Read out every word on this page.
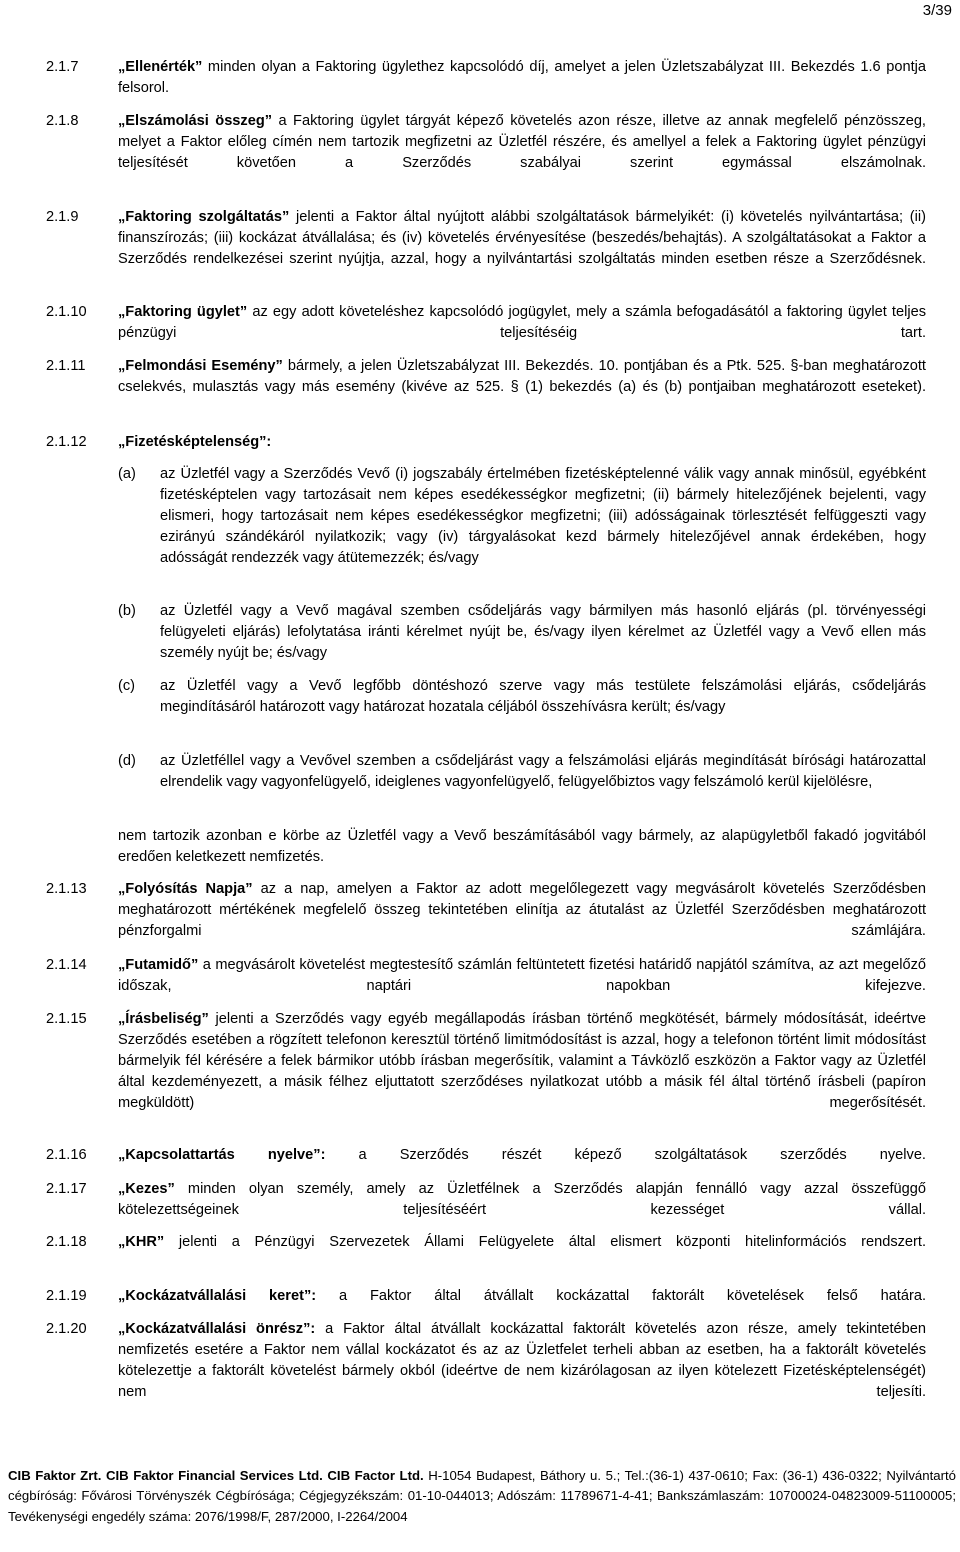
3/39
2.1.7	„Ellenérték” minden olyan a Faktoring ügylethez kapcsolódó díj, amelyet a jelen Üzletszabályzat III. Bekezdés 1.6 pontja felsorol.
2.1.8	„Elszámolási összeg” a Faktoring ügylet tárgyát képező követelés azon része, illetve az annak megfelelő pénzösszeg, melyet a Faktor előleg címén nem tartozik megfizetni az Üzletfél részére, és amellyel a felek a Faktoring ügylet pénzügyi teljesítését követően a Szerződés szabályai szerint egymással elszámolnak.
2.1.9	„Faktoring szolgáltatás” jelenti a Faktor által nyújtott alábbi szolgáltatások bármelyikét: (i) követelés nyilvántartása; (ii) finanszírozás; (iii) kockázat átvállalása; és (iv) követelés érvényesítése (beszedés/behajtás). A szolgáltatásokat a Faktor a Szerződés rendelkezései szerint nyújtja, azzal, hogy a nyilvántartási szolgáltatás minden esetben része a Szerződésnek.
2.1.10	„Faktoring ügylet” az egy adott követeléshez kapcsolódó jogügylet, mely a számla befogadásától a faktoring ügylet teljes pénzügyi teljesítéséig tart.
2.1.11	„Felmondási Esemény” bármely, a jelen Üzletszabályzat III. Bekezdés. 10. pontjában és a Ptk. 525. §-ban meghatározott cselekvés, mulasztás vagy más esemény (kivéve az 525. § (1) bekezdés (a) és (b) pontjaiban meghatározott eseteket).
2.1.12	„Fizetésképtelenség”:
(a) az Üzletfél vagy a Szerződés Vevő (i) jogszabály értelmében fizetésképtelenné válik vagy annak minősül, egyébként fizetésképtelen vagy tartozásait nem képes esedékességkor megfizetni; (ii) bármely hitelezőjének bejelenti, vagy elismeri, hogy tartozásait nem képes esedékességkor megfizetni; (iii) adósságainak törlesztését felfüggeszti vagy ezirányú szándékáról nyilatkozik; vagy (iv) tárgyalásokat kezd bármely hitelezőjével annak érdekében, hogy adósságát rendezzék vagy átütemezzék; és/vagy
(b) az Üzletfél vagy a Vevő magával szemben csődeljárás vagy bármilyen más hasonló eljárás (pl. törvényességi felügyeleti eljárás) lefolytatása iránti kérelmet nyújt be, és/vagy ilyen kérelmet az Üzletfél vagy a Vevő ellen más személy nyújt be; és/vagy
(c) az Üzletfél vagy a Vevő legfőbb döntéshozó szerve vagy más testülete felszámolási eljárás, csődeljárás megindításáról határozott vagy határozat hozatala céljából összehívásra került; és/vagy
(d) az Üzletféllel vagy a Vevővel szemben a csődeljárást vagy a felszámolási eljárás megindítását bírósági határozattal elrendelik vagy vagyonfelügyelő, ideiglenes vagyonfelügyelő, felügyelőbiztos vagy felszámoló kerül kijelölésre,
nem tartozik azonban e körbe az Üzletfél vagy a Vevő beszámításából vagy bármely, az alapügyletből fakadó jogvitából eredően keletkezett nemfizetés.
2.1.13	„Folyósítás Napja” az a nap, amelyen a Faktor az adott megelőlegezett vagy megvásárolt követelés Szerződésben meghatározott mértékének megfelelő összeg tekintetében elinítja az átutalást az Üzletfél Szerződésben meghatározott pénzforgalmi számlájára.
2.1.14	„Futamidő” a megvásárolt követelést megtestesítő számlán feltüntetett fizetési határidő napjától számítva, az azt megelőző időszak, naptári napokban kifejezve.
2.1.15	„Írásbeliség” jelenti a Szerződés vagy egyéb megállapodás írásban történő megkötését, bármely módosítását, ideértve Szerződés esetében a rögzített telefonon keresztül történő limitmódosítást is azzal, hogy a telefonon történt limit módosítást bármelyik fél kérésére a felek bármikor utóbb írásban megerősítik, valamint a Távközlő eszközön a Faktor vagy az Üzletfél által kezdeményezett, a másik félhez eljuttatott szerződéses nyilatkozat utóbb a másik fél által történő írásbeli (papíron megküldött) megerősítését.
2.1.16	„Kapcsolattartás nyelve”: a Szerződés részét képező szolgáltatások szerződés nyelve.
2.1.17	„Kezes” minden olyan személy, amely az Üzletfélnek a Szerződés alapján fennálló vagy azzal összefüggő kötelezettségeinek teljesítéséért kezességet vállal.
2.1.18	„KHR” jelenti a Pénzügyi Szervezetek Állami Felügyelete által elismert központi hitelinformációs rendszert.
2.1.19	„Kockázatvállalási keret”: a Faktor által átvállalt kockázattal faktorált követelések felső határa.
2.1.20	„Kockázatvállalási önrész”: a Faktor által átvállalt kockázattal faktorált követelés azon része, amely tekintetében nemfizetés esetére a Faktor nem vállal kockázatot és az az Üzletfelet terheli abban az esetben, ha a faktorált követelés kötelezettje a faktorált követelést bármely okból (ideértve de nem kizárólagosan az ilyen kötelezett Fizetésképtelenségét) nem teljesíti.
CIB Faktor Zrt. CIB Faktor Financial Services Ltd. CIB Factor Ltd. H-1054 Budapest, Báthory u. 5.; Tel.:(36-1) 437-0610; Fax: (36-1) 436-0322; Nyilvántartó cégbíróság: Fővárosi Törvényszék Cégbírósága; Cégjegyzékszám: 01-10-044013; Adószám: 11789671-4-41; Bankszámlaszám: 10700024-04823009-51100005; Tevékenységi engedély száma: 2076/1998/F, 287/2000, I-2264/2004
